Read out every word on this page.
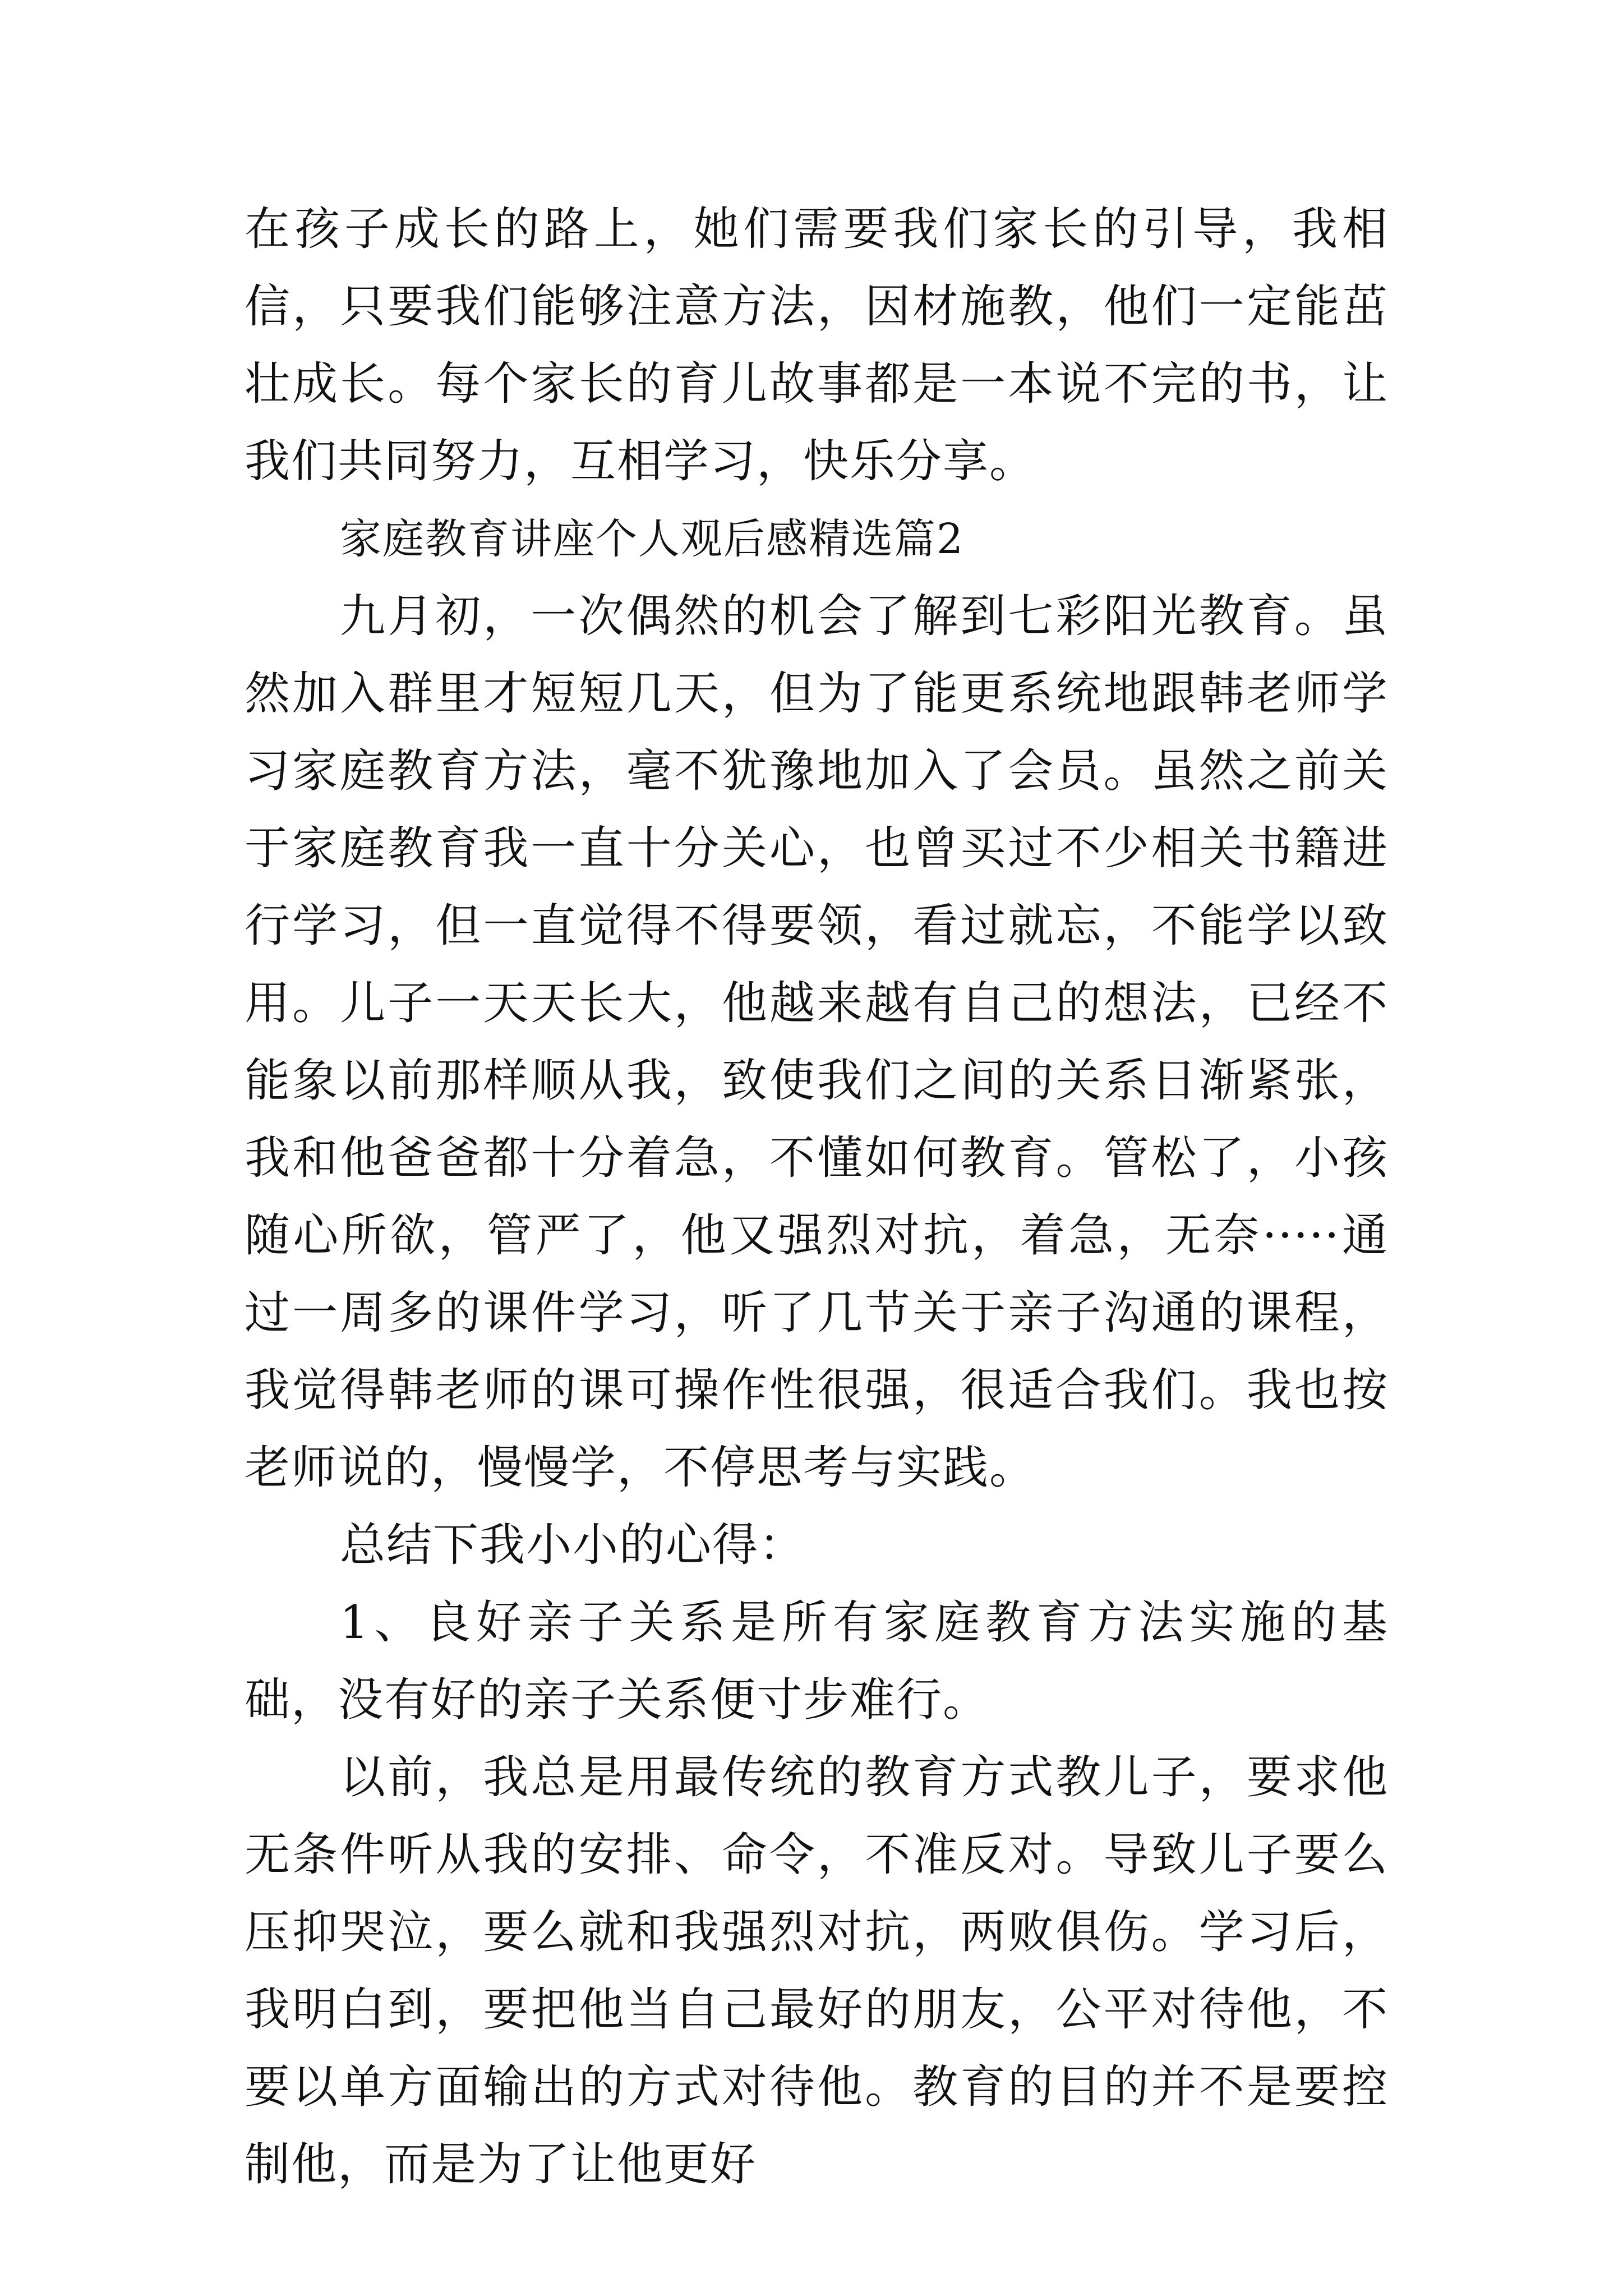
在孩子成长的路上，她们需要我们家长的引导，我相信，只要我们能够注意方法，因材施教，他们一定能茁壮成长。每个家长的育儿故事都是一本说不完的书，让我们共同努力，互相学习，快乐分享。

家庭教育讲座个人观后感精选篇2

九月初，一次偶然的机会了解到七彩阳光教育。虽然加入群里才短短几天，但为了能更系统地跟韩老师学习家庭教育方法，毫不犹豫地加入了会员。虽然之前关于家庭教育我一直十分关心，也曾买过不少相关书籍进行学习，但一直觉得不得要领，看过就忘，不能学以致用。儿子一天天长大，他越来越有自己的想法，已经不能象以前那样顺从我，致使我们之间的关系日渐紧张，我和他爸爸都十分着急，不懂如何教育。管松了，小孩随心所欲，管严了，他又强烈对抗，着急，无奈·····通过一周多的课件学习，听了几节关于亲子沟通的课程，我觉得韩老师的课可操作性很强，很适合我们。我也按老师说的，慢慢学，不停思考与实践。

总结下我小小的心得：

1、良好亲子关系是所有家庭教育方法实施的基础，没有好的亲子关系便寸步难行。

以前，我总是用最传统的教育方式教儿子，要求他无条件听从我的安排、命令，不准反对。导致儿子要么压抑哭泣，要么就和我强烈对抗，两败俱伤。学习后，我明白到，要把他当自己最好的朋友，公平对待他，不要以单方面输出的方式对待他。教育的目的并不是要控制他，而是为了让他更好
